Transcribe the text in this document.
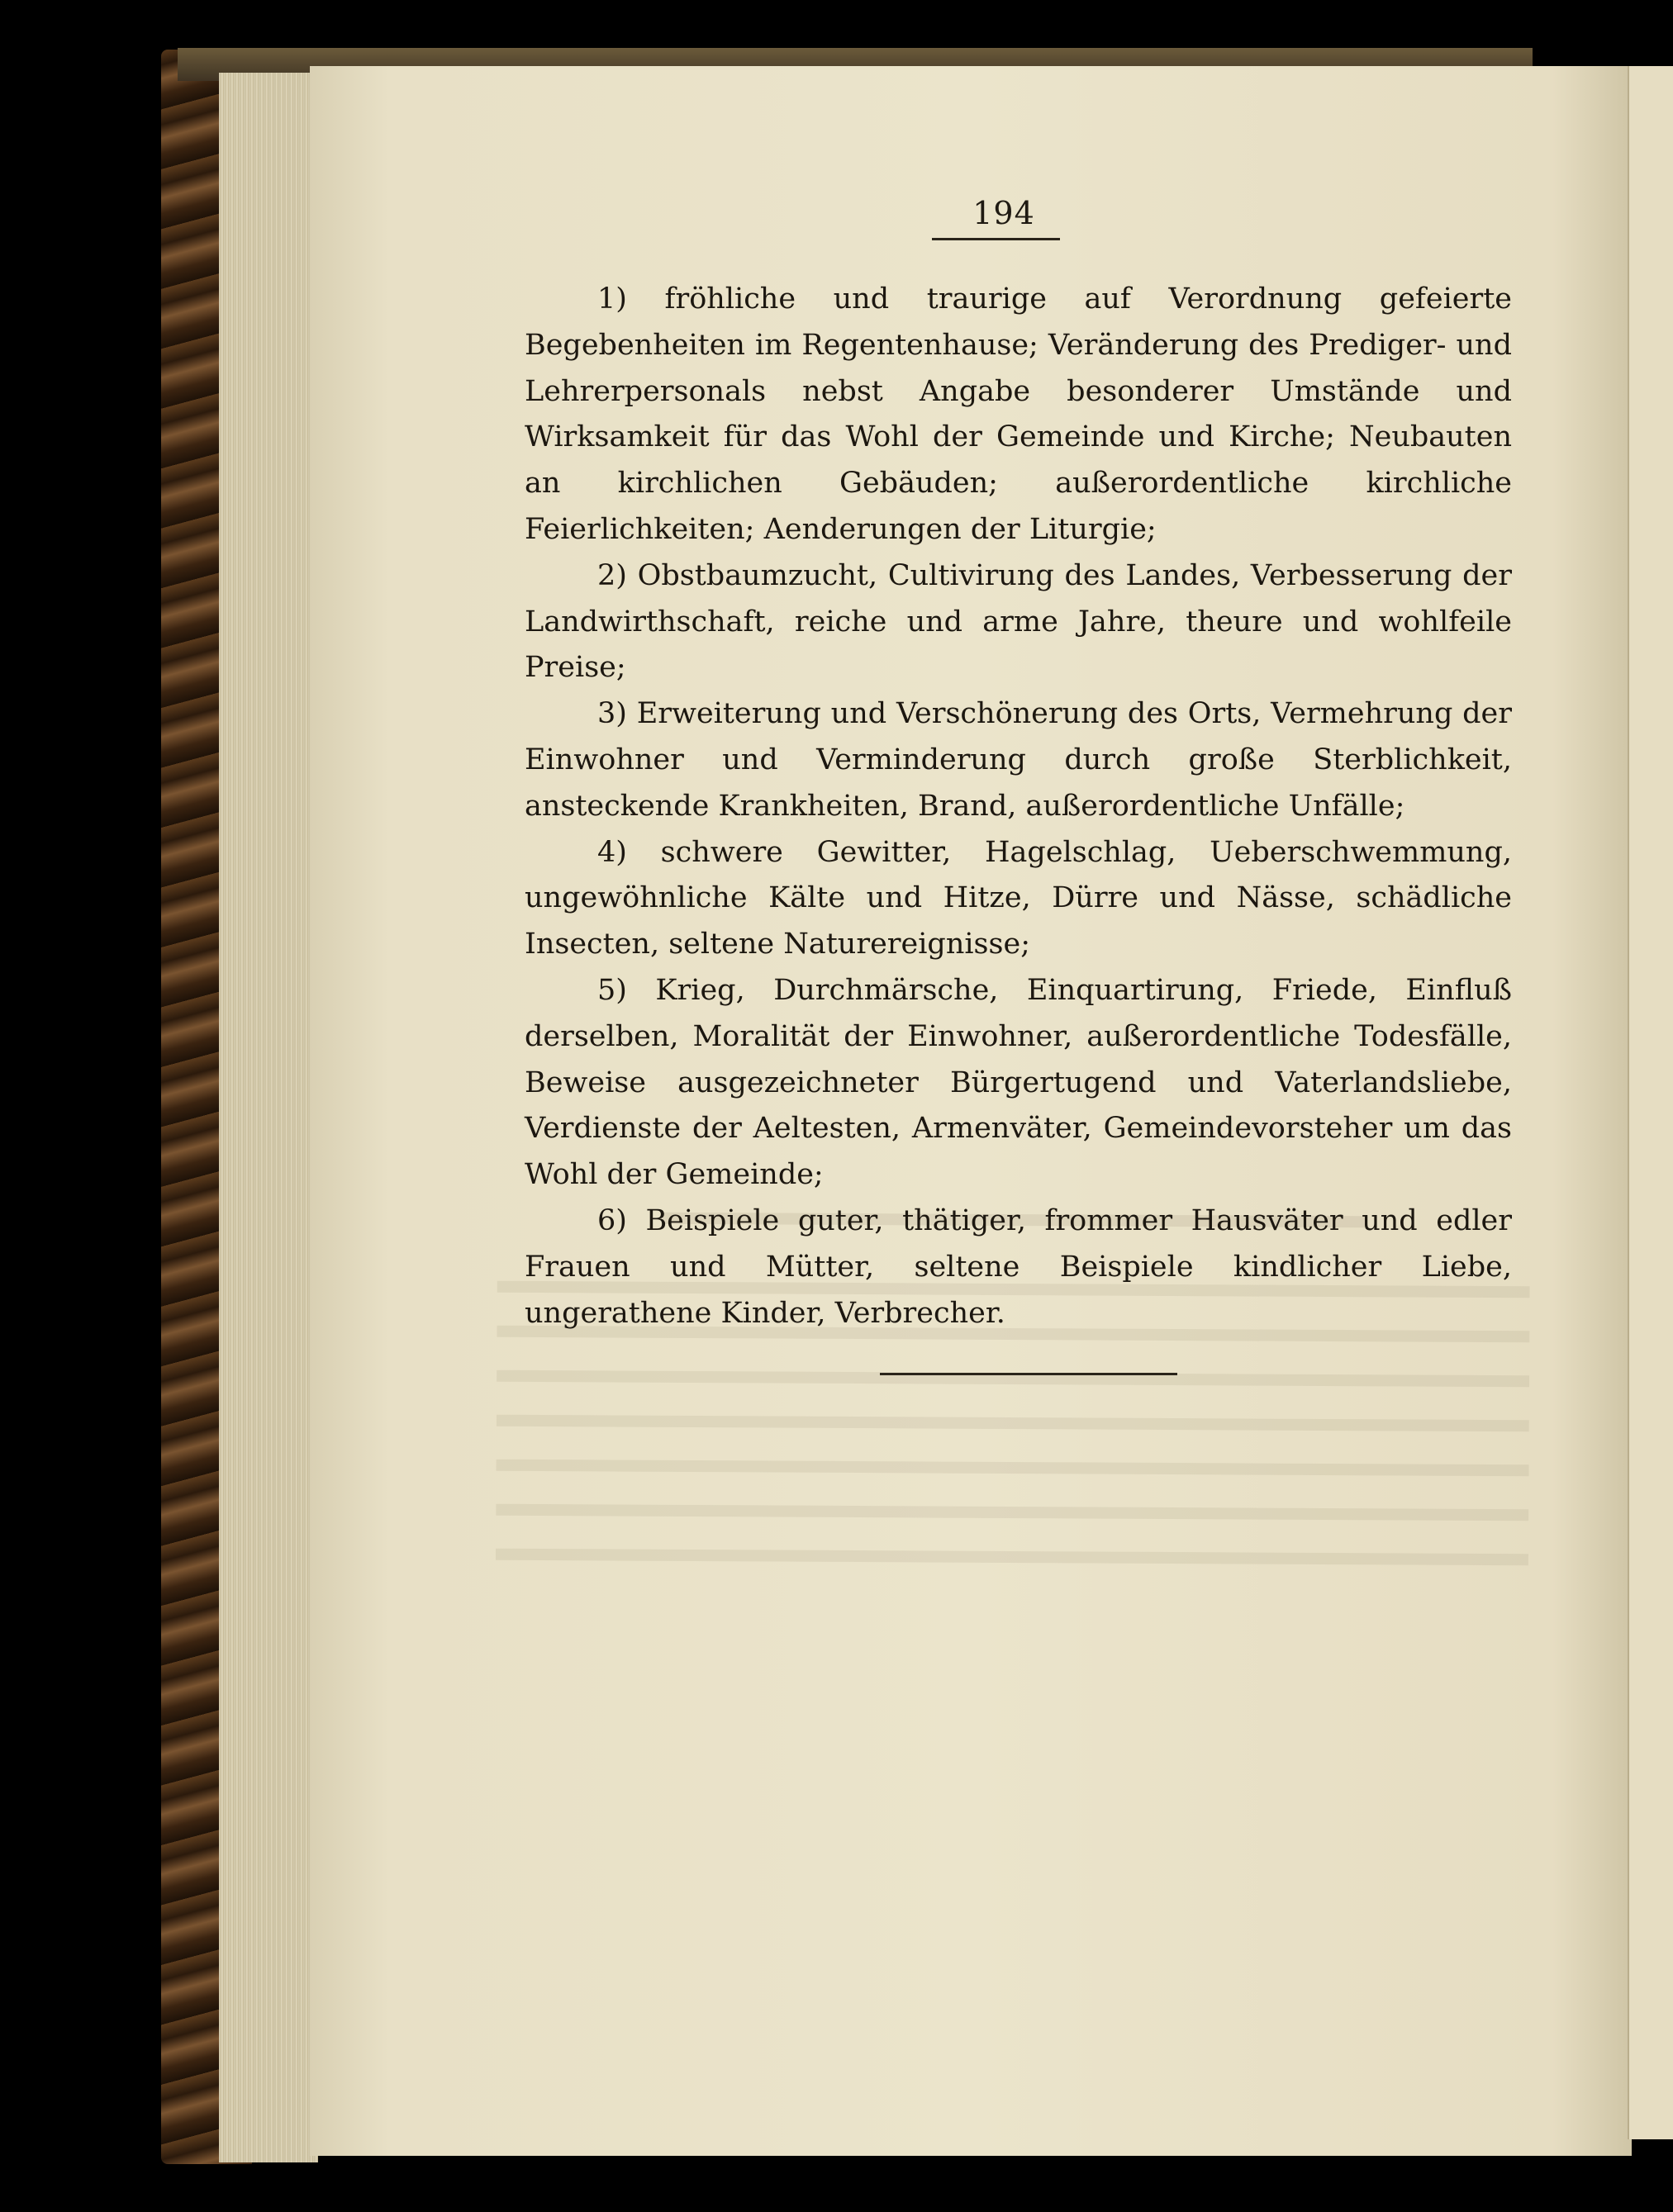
194

1) fröhliche und traurige auf Verordnung gefeierte Begebenheiten im Regentenhause; Veränderung des Prediger- und Lehrerpersonals nebst Angabe besonderer Umstände und Wirksamkeit für das Wohl der Gemeinde und Kirche; Neubauten an kirchlichen Gebäuden; außerordentliche kirchliche Feierlichkeiten; Aenderungen der Liturgie;

2) Obstbaumzucht, Cultivirung des Landes, Verbesserung der Landwirthschaft, reiche und arme Jahre, theure und wohlfeile Preise;

3) Erweiterung und Verschönerung des Orts, Vermehrung der Einwohner und Verminderung durch große Sterblichkeit, ansteckende Krankheiten, Brand, außerordentliche Unfälle;

4) schwere Gewitter, Hagelschlag, Ueberschwemmung, ungewöhnliche Kälte und Hitze, Dürre und Nässe, schädliche Insecten, seltene Naturereignisse;

5) Krieg, Durchmärsche, Einquartirung, Friede, Einfluß derselben, Moralität der Einwohner, außerordentliche Todesfälle, Beweise ausgezeichneter Bürgertugend und Vaterlandsliebe, Verdienste der Aeltesten, Armenväter, Gemeindevorsteher um das Wohl der Gemeinde;

6) Beispiele guter, thätiger, frommer Hausväter und edler Frauen und Mütter, seltene Beispiele kindlicher Liebe, ungerathene Kinder, Verbrecher.
